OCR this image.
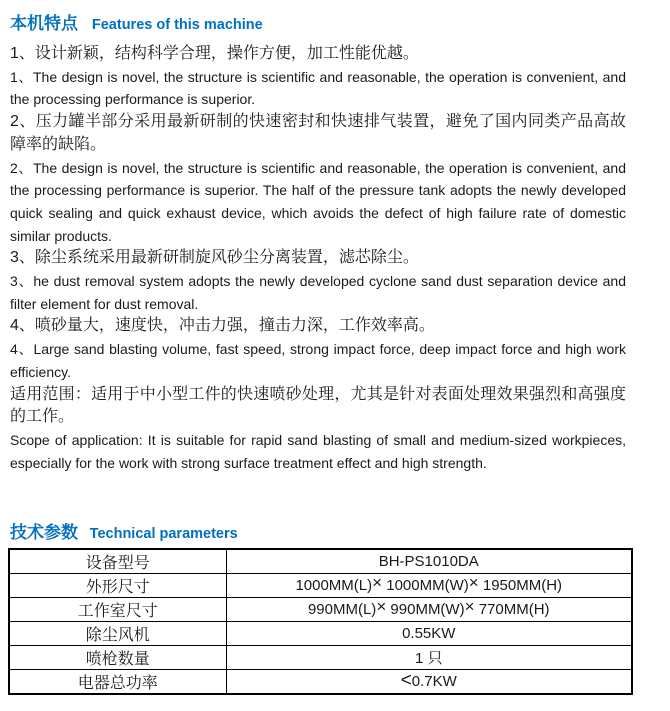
本机特点 Features of this machine

1、设计新颖，结构科学合理，操作方便，加工性能优越。

1、The design is novel, the structure is scientific and reasonable, the operation is convenient, and the processing performance is superior.

2、压力罐半部分采用最新研制的快速密封和快速排气装置，避免了国内同类产品高故障率的缺陷。

2、The design is novel, the structure is scientific and reasonable, the operation is convenient, and the processing performance is superior. The half of the pressure tank adopts the newly developed quick sealing and quick exhaust device, which avoids the defect of high failure rate of domestic similar products.

3、除尘系统采用最新研制旋风砂尘分离装置，滤芯除尘。

3、he dust removal system adopts the newly developed cyclone sand dust separation device and filter element for dust removal.

4、喷砂量大，速度快，冲击力强，撞击力深，工作效率高。

4、Large sand blasting volume, fast speed, strong impact force, deep impact force and high work efficiency.

适用范围：适用于中小型工件的快速喷砂处理，尤其是针对表面处理效果强烈和高强度的工作。

Scope of application: It is suitable for rapid sand blasting of small and medium-sized workpieces, especially for the work with strong surface treatment effect and high strength.

技术参数 Technical parameters
设备型号	BH-PS1010DA
外形尺寸	1000MM(L)× 1000MM(W)× 1950MM(H)
工作室尺寸	990MM(L)× 990MM(W)× 770MM(H)
除尘风机	0.55KW
喷枪数量	1 只
电器总功率	<0.7KW
